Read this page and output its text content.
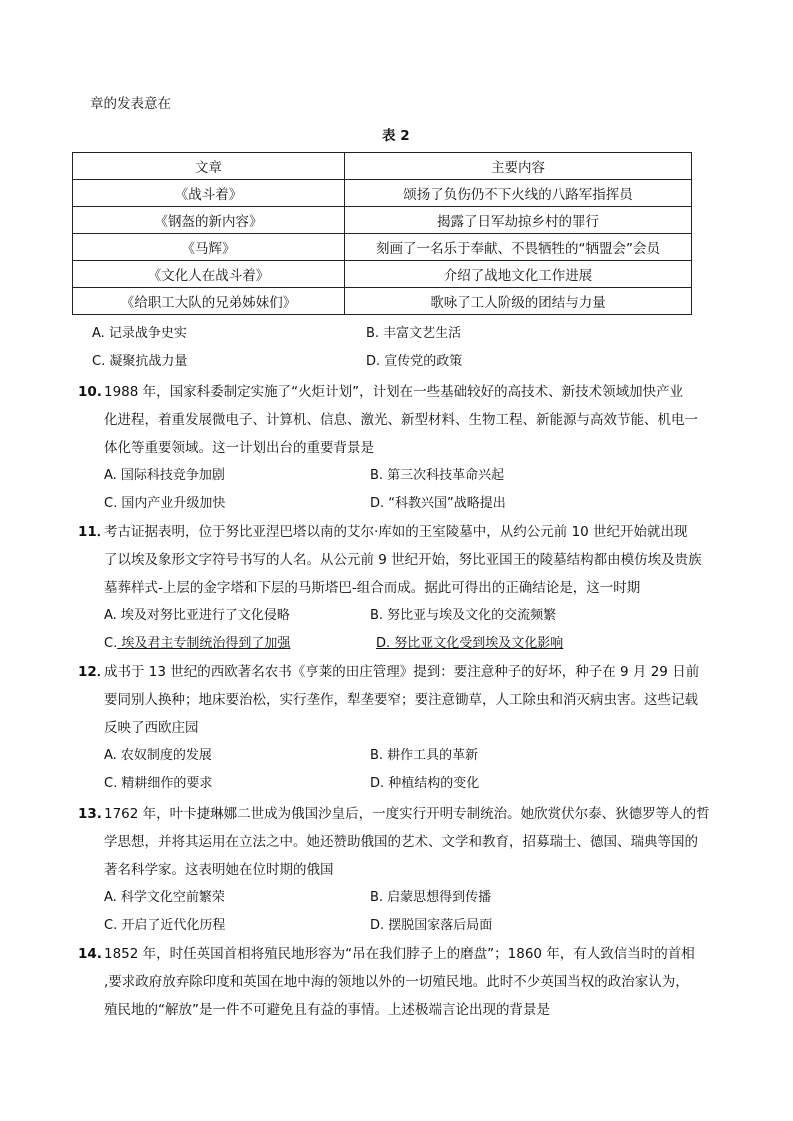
章的发表意在
表 2
文章	主要内容
《战斗着》	颂扬了负伤仍不下火线的八路军指挥员
《钢盔的新内容》	揭露了日军劫掠乡村的罪行
《马辉》	刻画了一名乐于奉献、不畏牺牲的“牺盟会”会员
《文化人在战斗着》	介绍了战地文化工作进展
《给职工大队的兄弟姊妹们》	歌咏了工人阶级的团结与力量
A. 记录战争史实	B. 丰富文艺生活
C. 凝聚抗战力量	D. 宣传党的政策
10. 1988 年，国家科委制定实施了“火炬计划”，计划在一些基础较好的高技术、新技术领域加快产业
化进程，着重发展微电子、计算机、信息、激光、新型材料、生物工程、新能源与高效节能、机电一
体化等重要领域。这一计划出台的重要背景是
A. 国际科技竞争加剧	B. 第三次科技革命兴起
C. 国内产业升级加快	D. “科教兴国”战略提出
11．
考古证据表明，位于努比亚涅巴塔以南的艾尔·库如的王室陵墓中，从约公元前 10 世纪开始就出现
了以埃及象形文字符号书写的人名。从公元前 9 世纪开始，努比亚国王的陵墓结构都由模仿埃及贵族
墓葬样式-上层的金字塔和下层的马斯塔巴-组合而成。据此可得出的正确结论是，这一时期
A. 埃及对努比亚进行了文化侵略	B. 努比亚与埃及文化的交流频繁
C. 埃及君主专制统治得到了加强	D. 努比亚文化受到埃及文化影响
12．
成书于 13 世纪的西欧著名农书《亨莱的田庄管理》提到：要注意种子的好坏，种子在 9 月 29 日前
要同别人换种；地床要治松，实行垄作，犁垄要窄；要注意锄草，人工除虫和消灭病虫害。这些记载
反映了西欧庄园
A. 农奴制度的发展	B. 耕作工具的革新
C. 精耕细作的要求	D. 种植结构的变化
13. 1762 年，叶卡捷琳娜二世成为俄国沙皇后，一度实行开明专制统治。她欣赏伏尔泰、狄德罗等人的哲
学思想，并将其运用在立法之中。她还赞助俄国的艺术、文学和教育，招募瑞士、德国、瑞典等国的
著名科学家。这表明她在位时期的俄国
A. 科学文化空前繁荣	B. 启蒙思想得到传播
C. 开启了近代化历程	D. 摆脱国家落后局面
14. 1852 年，时任英国首相将殖民地形容为“吊在我们脖子上的磨盘”；1860 年，有人致信当时的首相
,要求政府放弃除印度和英国在地中海的领地以外的一切殖民地。此时不少英国当权的政治家认为，
殖民地的“解放”是一件不可避免且有益的事情。上述极端言论出现的背景是
